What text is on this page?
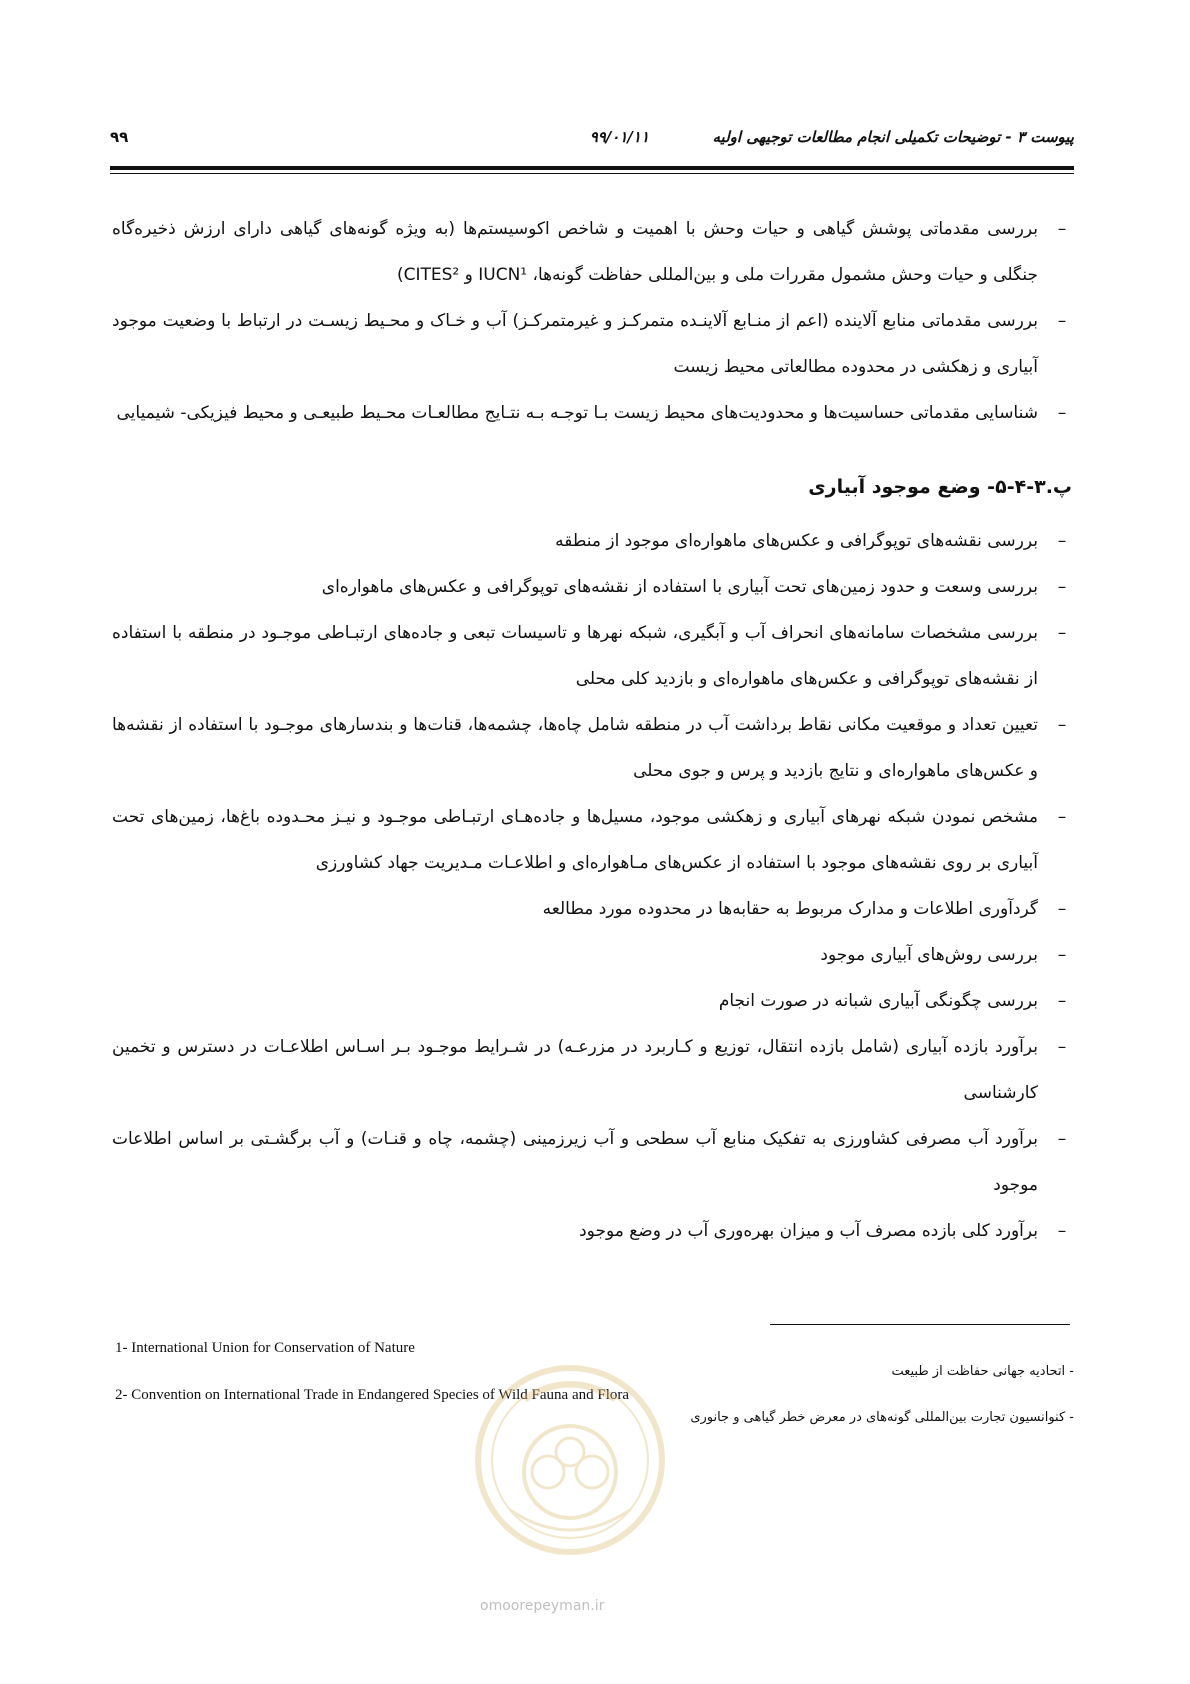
پیوست ۳ - توضیحات تکمیلی انجام مطالعات توجیهی اولیه
۹۹/۰۱/۱۱
۹۹
–
بررسی مقدماتی پوشش گیاهی و حیات وحش با اهمیت و شاخص اکوسیستم‌ها (به ویژه گونه‌های گیاهی دارای ارزش ذخیره‌گاه جنگلی و حیات وحش مشمول مقررات ملی و بین‌المللی حفاظت گونه‌ها، IUCN¹ و CITES²)
–
بررسی مقدماتی منابع آلاینده (اعم از منـابع آلاینـده متمرکـز و غیرمتمرکـز) آب و خـاک و محـیط زیسـت در ارتباط با وضعیت موجود آبیاری و زهکشی در محدوده مطالعاتی محیط زیست
–
شناسایی مقدماتی حساسیت‌ها و محدودیت‌های محیط زیست بـا توجـه بـه نتـایج مطالعـات محـیط طبیعـی و محیط فیزیکی- شیمیایی
پ.۳-۴-۵- وضع موجود آبیاری
–
بررسی نقشه‌های توپوگرافی و عکس‌های ماهواره‌ای موجود از منطقه
–
بررسی وسعت و حدود زمین‌های تحت آبیاری با استفاده از نقشه‌های توپوگرافی و عکس‌های ماهواره‌ای
–
بررسی مشخصات سامانه‌های انحراف آب و آبگیری، شبکه نهرها و تاسیسات تبعی و جاده‌های ارتبـاطی موجـود در منطقه با استفاده از نقشه‌های توپوگرافی و عکس‌های ماهواره‌ای و بازدید کلی محلی
–
تعیین تعداد و موقعیت مکانی نقاط برداشت آب در منطقه شامل چاه‌ها، چشمه‌ها، قنات‌ها و بندسارهای موجـود با استفاده از نقشه‌ها و عکس‌های ماهواره‌ای و نتایج بازدید و پرس و جوی محلی
–
مشخص نمودن شبکه نهرهای آبیاری و زهکشی موجود، مسیل‌ها و جاده‌هـای ارتبـاطی موجـود و نیـز محـدوده باغ‌ها، زمین‌های تحت آبیاری بر روی نقشه‌های موجود با استفاده از عکس‌های مـاهواره‌ای و اطلاعـات مـدیریت جهاد کشاورزی
–
گردآوری اطلاعات و مدارک مربوط به حقابه‌ها در محدوده مورد مطالعه
–
بررسی روش‌های آبیاری موجود
–
بررسی چگونگی آبیاری شبانه در صورت انجام
–
برآورد بازده آبیاری (شامل بازده انتقال، توزیع و کـاربرد در مزرعـه) در شـرایط موجـود بـر اسـاس اطلاعـات در دسترس و تخمین کارشناسی
–
برآورد آب مصرفی کشاورزی به تفکیک منابع آب سطحی و آب زیرزمینی (چشمه، چاه و قنـات) و آب برگشـتی بر اساس اطلاعات موجود
–
برآورد کلی بازده مصرف آب و میزان بهره‌وری آب در وضع موجود
1- International Union for Conservation of Nature
- اتحادیه جهانی حفاظت از طبیعت
2- Convention on International Trade in Endangered Species of Wild Fauna and Flora
- کنوانسیون تجارت بین‌المللی گونه‌های در معرض خطر گیاهی و جانوری
omoorepeyman.ir
